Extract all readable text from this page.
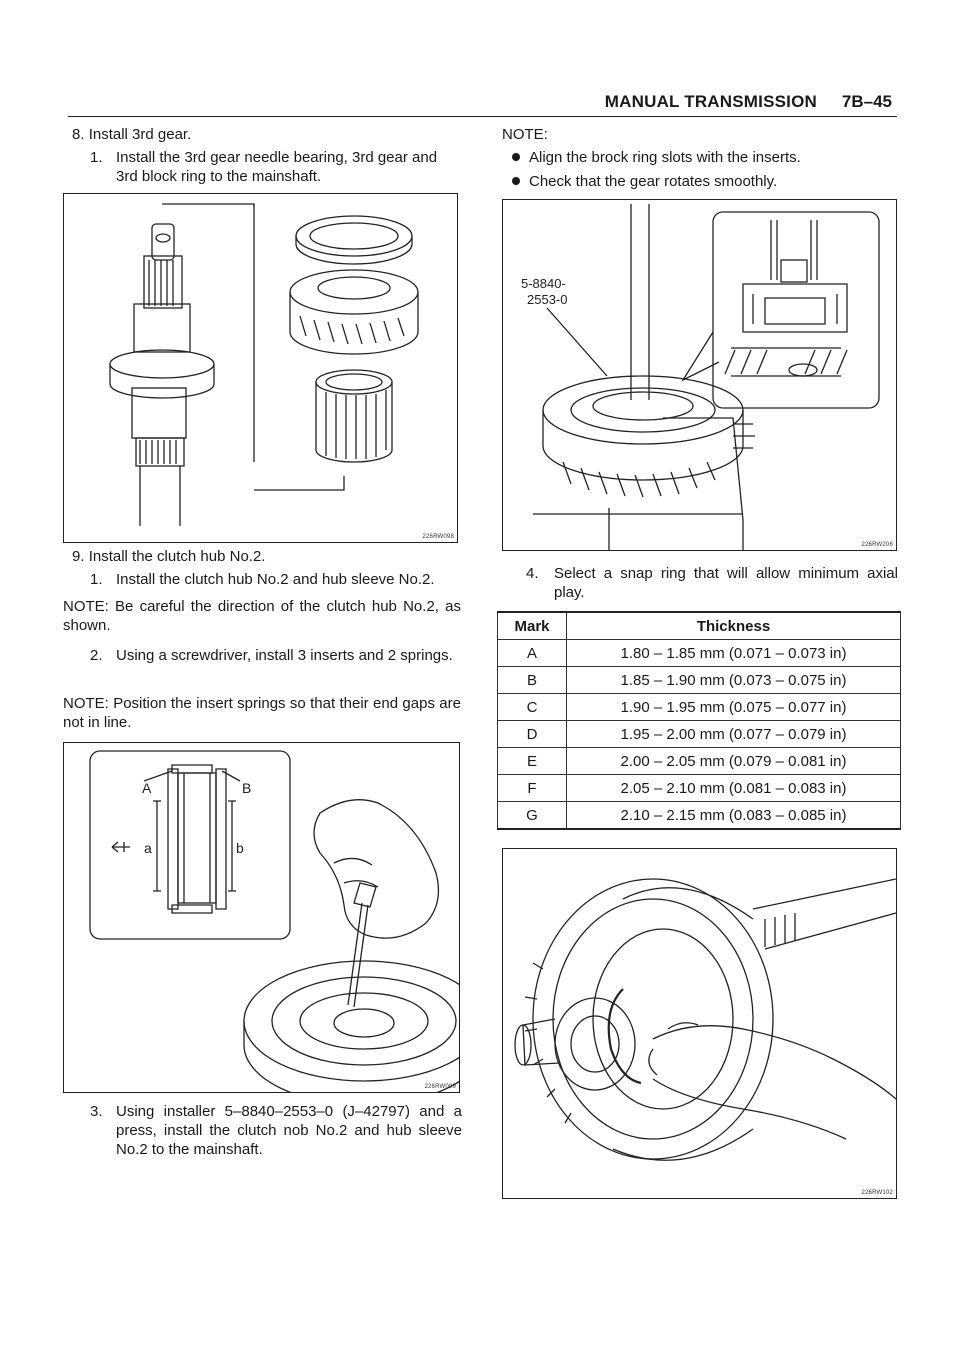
MANUAL TRANSMISSION 7B–45
8. Install 3rd gear.
1. Install the 3rd gear needle bearing, 3rd gear and 3rd block ring to the mainshaft.
226RW098
9. Install the clutch hub No.2.
1. Install the clutch hub No.2 and hub sleeve No.2.
NOTE: Be careful the direction of the clutch hub No.2, as shown.
2. Using a screwdriver, install 3 inserts and 2 springs.
NOTE: Position the insert springs so that their end gaps are not in line.
A	B
a	b
226RW099
3. Using installer 5–8840–2553–0 (J–42797) and a press, install the clutch nob No.2 and hub sleeve No.2 to the mainshaft.
NOTE:
Align the brock ring slots with the inserts.
Check that the gear rotates smoothly.
5-8840-
2553-0
226RW206
4. Select a snap ring that will allow minimum axial play.
Mark	Thickness
A	1.80 – 1.85 mm (0.071 – 0.073 in)
B	1.85 – 1.90 mm (0.073 – 0.075 in)
C	1.90 – 1.95 mm (0.075 – 0.077 in)
D	1.95 – 2.00 mm (0.077 – 0.079 in)
E	2.00 – 2.05 mm (0.079 – 0.081 in)
F	2.05 – 2.10 mm (0.081 – 0.083 in)
G	2.10 – 2.15 mm (0.083 – 0.085 in)
226RW102
